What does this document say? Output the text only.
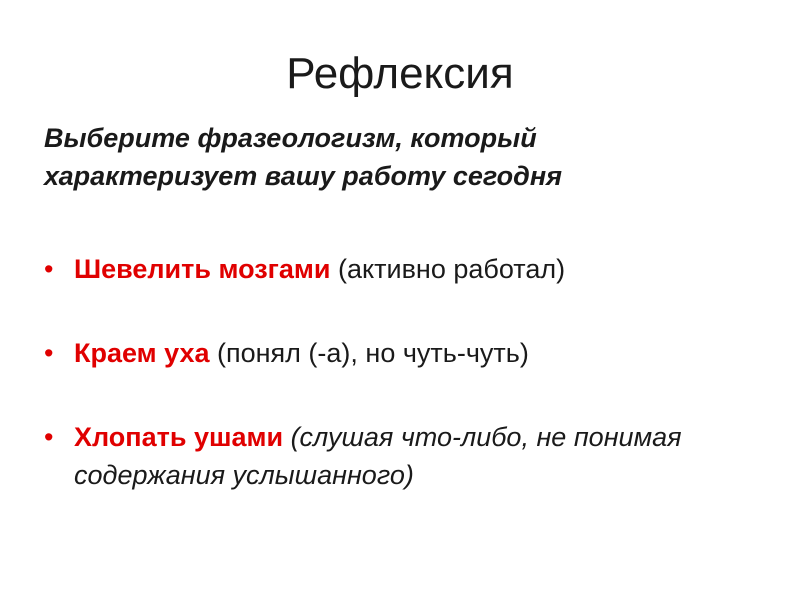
Рефлексия
Выберите фразеологизм, который
характеризует вашу работу сегодня
• Шевелить мозгами (активно работал)
• Краем уха (понял (-а), но чуть-чуть)
• Хлопать ушами (слушая что-либо, не понимая содержания услышанного)
